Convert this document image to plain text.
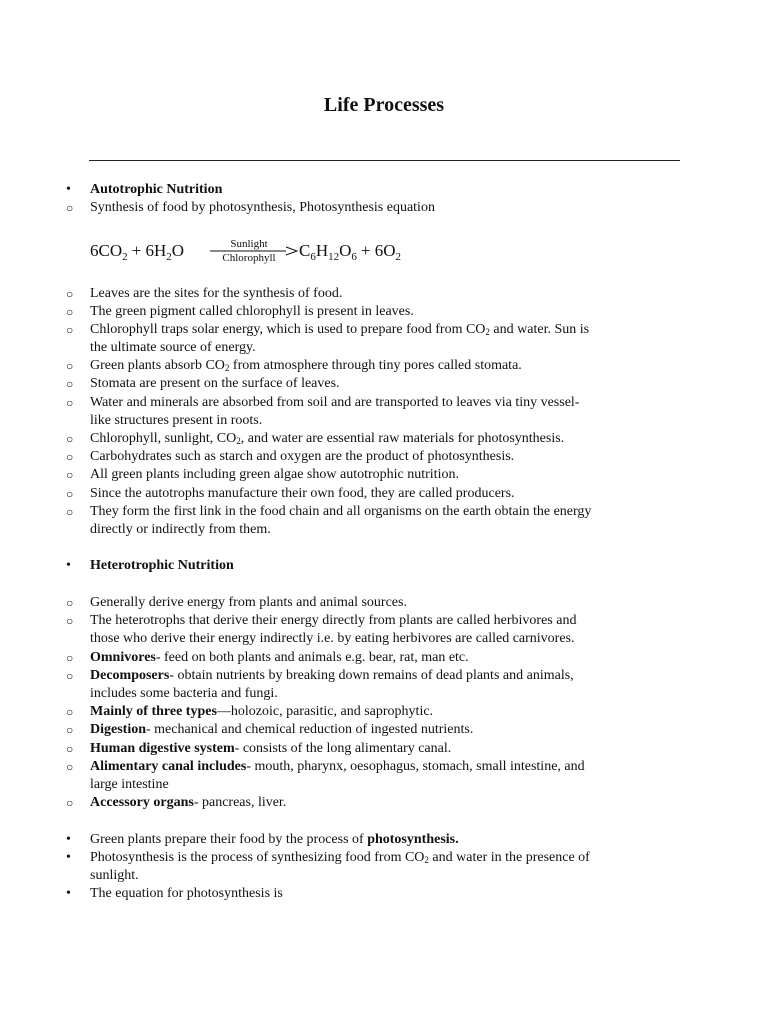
Life Processes
• Autotrophic Nutrition
○ Synthesis of food by photosynthesis, Photosynthesis equation
$6CO_2 + 6H_2O$	Sunlight
Chlorophyll $C_6H_{12}O_6 + 6O_2$
○ Leaves are the sites for the synthesis of food.
○ The green pigment called chlorophyll is present in leaves.
○ Chlorophyll traps solar energy, which is used to prepare food from $CO_2$ and water. Sun is
the ultimate source of energy.
○ Green plants absorb $CO_2$ from atmosphere through tiny pores called stomata.
○ Stomata are present on the surface of leaves.
○ Water and minerals are absorbed from soil and are transported to leaves via tiny vessel-
like structures present in roots.
○ Chlorophyll, sunlight, $CO_2$, and water are essential raw materials for photosynthesis.
○ Carbohydrates such as starch and oxygen are the product of photosynthesis.
○ All green plants including green algae show autotrophic nutrition.
○ Since the autotrophs manufacture their own food, they are called producers.
○ They form the first link in the food chain and all organisms on the earth obtain the energy
directly or indirectly from them.
• Heterotrophic Nutrition
○ Generally derive energy from plants and animal sources.
○ The heterotrophs that derive their energy directly from plants are called herbivores and
those who derive their energy indirectly i.e. by eating herbivores are called carnivores.
○ Omnivores- feed on both plants and animals e.g. bear, rat, man etc.
○ Decomposers- obtain nutrients by breaking down remains of dead plants and animals,
includes some bacteria and fungi.
○ Mainly of three types—holozoic, parasitic, and saprophytic.
○ Digestion- mechanical and chemical reduction of ingested nutrients.
○ Human digestive system- consists of the long alimentary canal.
○ Alimentary canal includes- mouth, pharynx, oesophagus, stomach, small intestine, and
large intestine
○ Accessory organs- pancreas, liver.
• Green plants prepare their food by the process of photosynthesis.
• Photosynthesis is the process of synthesizing food from $CO_2$ and water in the presence of
sunlight.
• The equation for photosynthesis is
